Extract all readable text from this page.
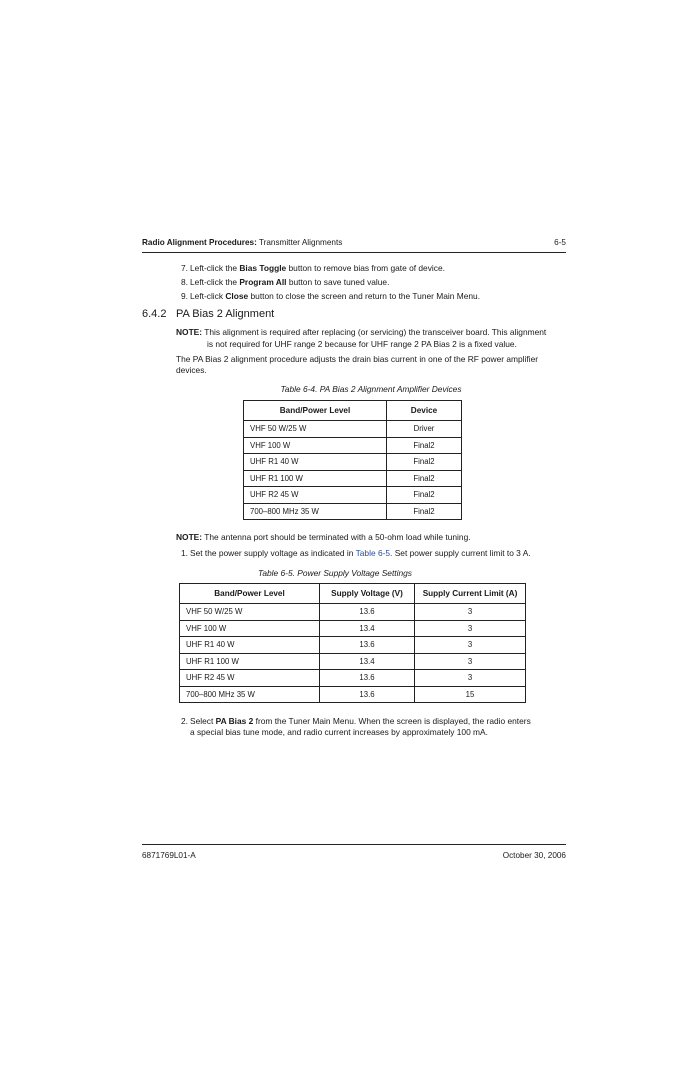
Radio Alignment Procedures: Transmitter Alignments	6-5
7. Left-click the Bias Toggle button to remove bias from gate of device.
8. Left-click the Program All button to save tuned value.
9. Left-click Close button to close the screen and return to the Tuner Main Menu.
6.4.2 PA Bias 2 Alignment
NOTE: This alignment is required after replacing (or servicing) the transceiver board. This alignment
is not required for UHF range 2 because for UHF range 2 PA Bias 2 is a fixed value.
The PA Bias 2 alignment procedure adjusts the drain bias current in one of the RF power amplifier
devices.
Table 6-4. PA Bias 2 Alignment Amplifier Devices
Band/Power Level	Device
VHF 50 W/25 W	Driver
VHF 100 W	Final2
UHF R1 40 W	Final2
UHF R1 100 W	Final2
UHF R2 45 W	Final2
700–800 MHz 35 W	Final2
NOTE: The antenna port should be terminated with a 50-ohm load while tuning.
1. Set the power supply voltage as indicated in Table 6-5. Set power supply current limit to 3 A.
Table 6-5. Power Supply Voltage Settings
Band/Power Level	Supply Voltage (V)	Supply Current Limit (A)
VHF 50 W/25 W	13.6	3
VHF 100 W	13.4	3
UHF R1 40 W	13.6	3
UHF R1 100 W	13.4	3
UHF R2 45 W	13.6	3
700–800 MHz 35 W	13.6	15
2. Select PA Bias 2 from the Tuner Main Menu. When the screen is displayed, the radio enters
a special bias tune mode, and radio current increases by approximately 100 mA.
6871769L01-A	October 30, 2006
